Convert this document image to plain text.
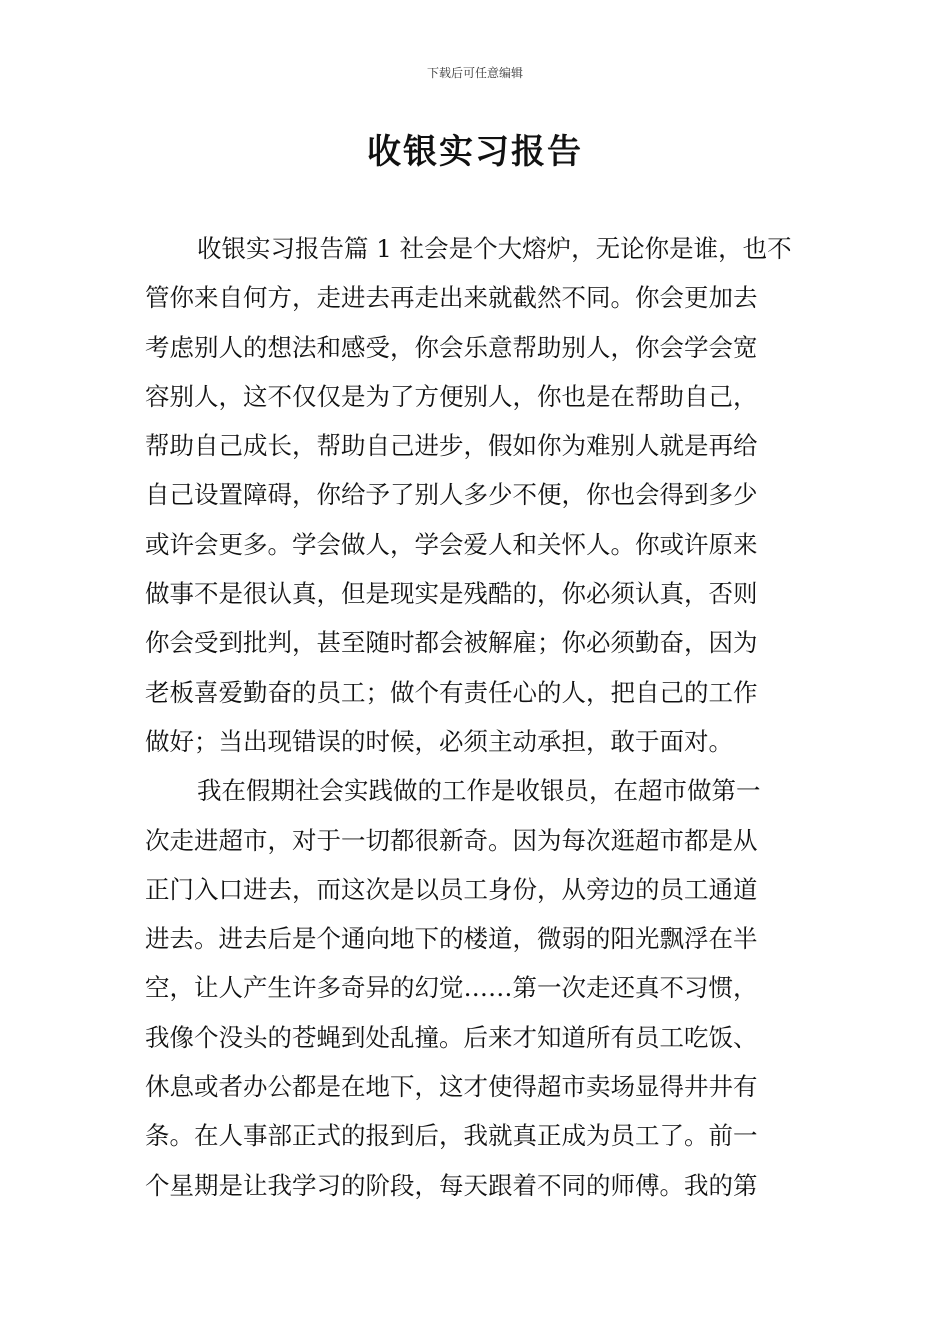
下载后可任意编辑
收银实习报告
收银实习报告篇 1 社会是个大熔炉，无论你是谁，也不
管你来自何方，走进去再走出来就截然不同。你会更加去
考虑别人的想法和感受，你会乐意帮助别人，你会学会宽
容别人，这不仅仅是为了方便别人，你也是在帮助自己，
帮助自己成长，帮助自己进步，假如你为难别人就是再给
自己设置障碍，你给予了别人多少不便，你也会得到多少
或许会更多。学会做人，学会爱人和关怀人。你或许原来
做事不是很认真，但是现实是残酷的，你必须认真，否则
你会受到批判，甚至随时都会被解雇；你必须勤奋，因为
老板喜爱勤奋的员工；做个有责任心的人，把自己的工作
做好；当出现错误的时候，必须主动承担，敢于面对。
我在假期社会实践做的工作是收银员，在超市做第一
次走进超市，对于一切都很新奇。因为每次逛超市都是从
正门入口进去，而这次是以员工身份，从旁边的员工通道
进去。进去后是个通向地下的楼道，微弱的阳光飘浮在半
空，让人产生许多奇异的幻觉……第一次走还真不习惯，
我像个没头的苍蝇到处乱撞。后来才知道所有员工吃饭、
休息或者办公都是在地下，这才使得超市卖场显得井井有
条。在人事部正式的报到后，我就真正成为员工了。前一
个星期是让我学习的阶段，每天跟着不同的师傅。我的第
